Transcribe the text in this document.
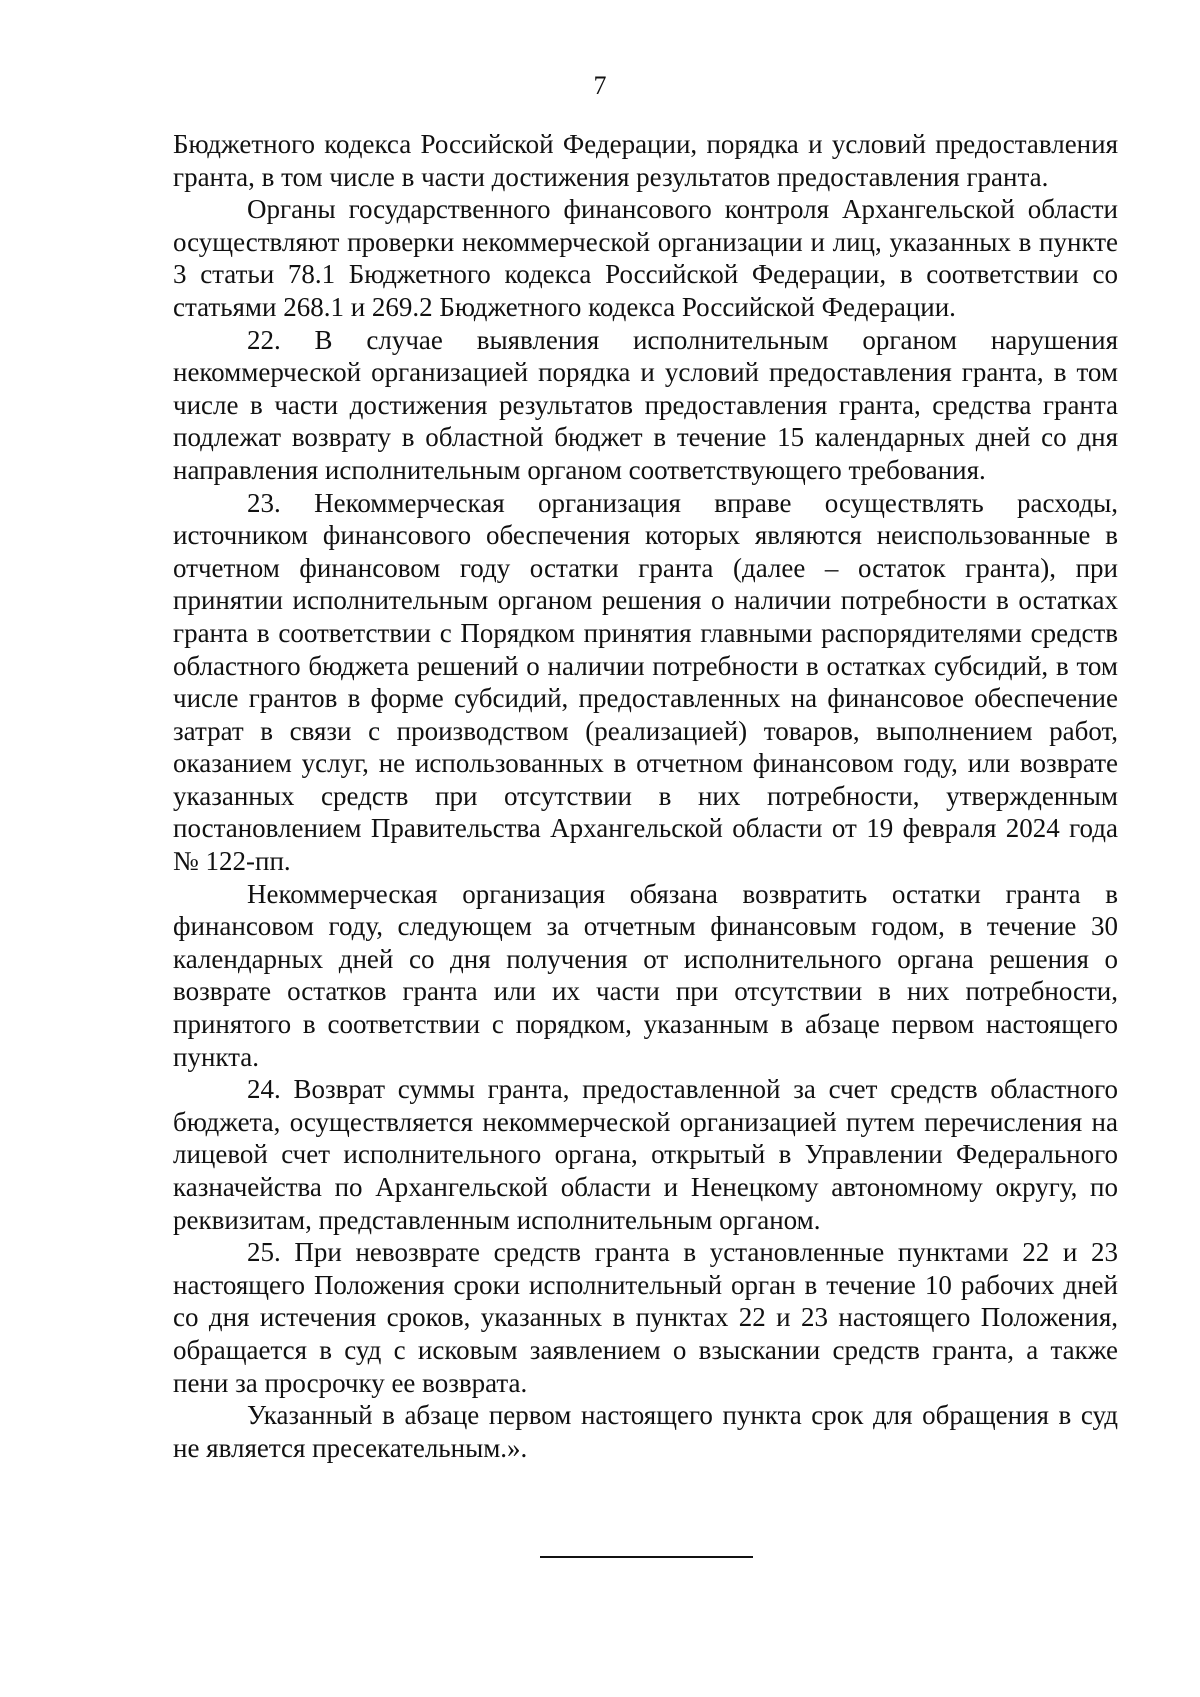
7

Бюджетного кодекса Российской Федерации, порядка и условий предоставления гранта, в том числе в части достижения результатов предоставления гранта.

Органы государственного финансового контроля Архангельской области осуществляют проверки некоммерческой организации и лиц, указанных в пункте 3 статьи 78.1 Бюджетного кодекса Российской Федерации, в соответствии со статьями 268.1 и 269.2 Бюджетного кодекса Российской Федерации.

22. В случае выявления исполнительным органом нарушения некоммерческой организацией порядка и условий предоставления гранта, в том числе в части достижения результатов предоставления гранта, средства гранта подлежат возврату в областной бюджет в течение 15 календарных дней со дня направления исполнительным органом соответствующего требования.

23. Некоммерческая организация вправе осуществлять расходы, источником финансового обеспечения которых являются неиспользованные в отчетном финансовом году остатки гранта (далее – остаток гранта), при принятии исполнительным органом решения о наличии потребности в остатках гранта в соответствии с Порядком принятия главными распорядителями средств областного бюджета решений о наличии потребности в остатках субсидий, в том числе грантов в форме субсидий, предоставленных на финансовое обеспечение затрат в связи с производством (реализацией) товаров, выполнением работ, оказанием услуг, не использованных в отчетном финансовом году, или возврате указанных средств при отсутствии в них потребности, утвержденным постановлением Правительства Архангельской области от 19 февраля 2024 года № 122-пп.

Некоммерческая организация обязана возвратить остатки гранта в финансовом году, следующем за отчетным финансовым годом, в течение 30 календарных дней со дня получения от исполнительного органа решения о возврате остатков гранта или их части при отсутствии в них потребности, принятого в соответствии с порядком, указанным в абзаце первом настоящего пункта.

24. Возврат суммы гранта, предоставленной за счет средств областного бюджета, осуществляется некоммерческой организацией путем перечисления на лицевой счет исполнительного органа, открытый в Управлении Федерального казначейства по Архангельской области и Ненецкому автономному округу, по реквизитам, представленным исполнительным органом.

25. При невозврате средств гранта в установленные пунктами 22 и 23 настоящего Положения сроки исполнительный орган в течение 10 рабочих дней со дня истечения сроков, указанных в пунктах 22 и 23 настоящего Положения, обращается в суд с исковым заявлением о взыскании средств гранта, а также пени за просрочку ее возврата.

Указанный в абзаце первом настоящего пункта срок для обращения в суд не является пресекательным.».
